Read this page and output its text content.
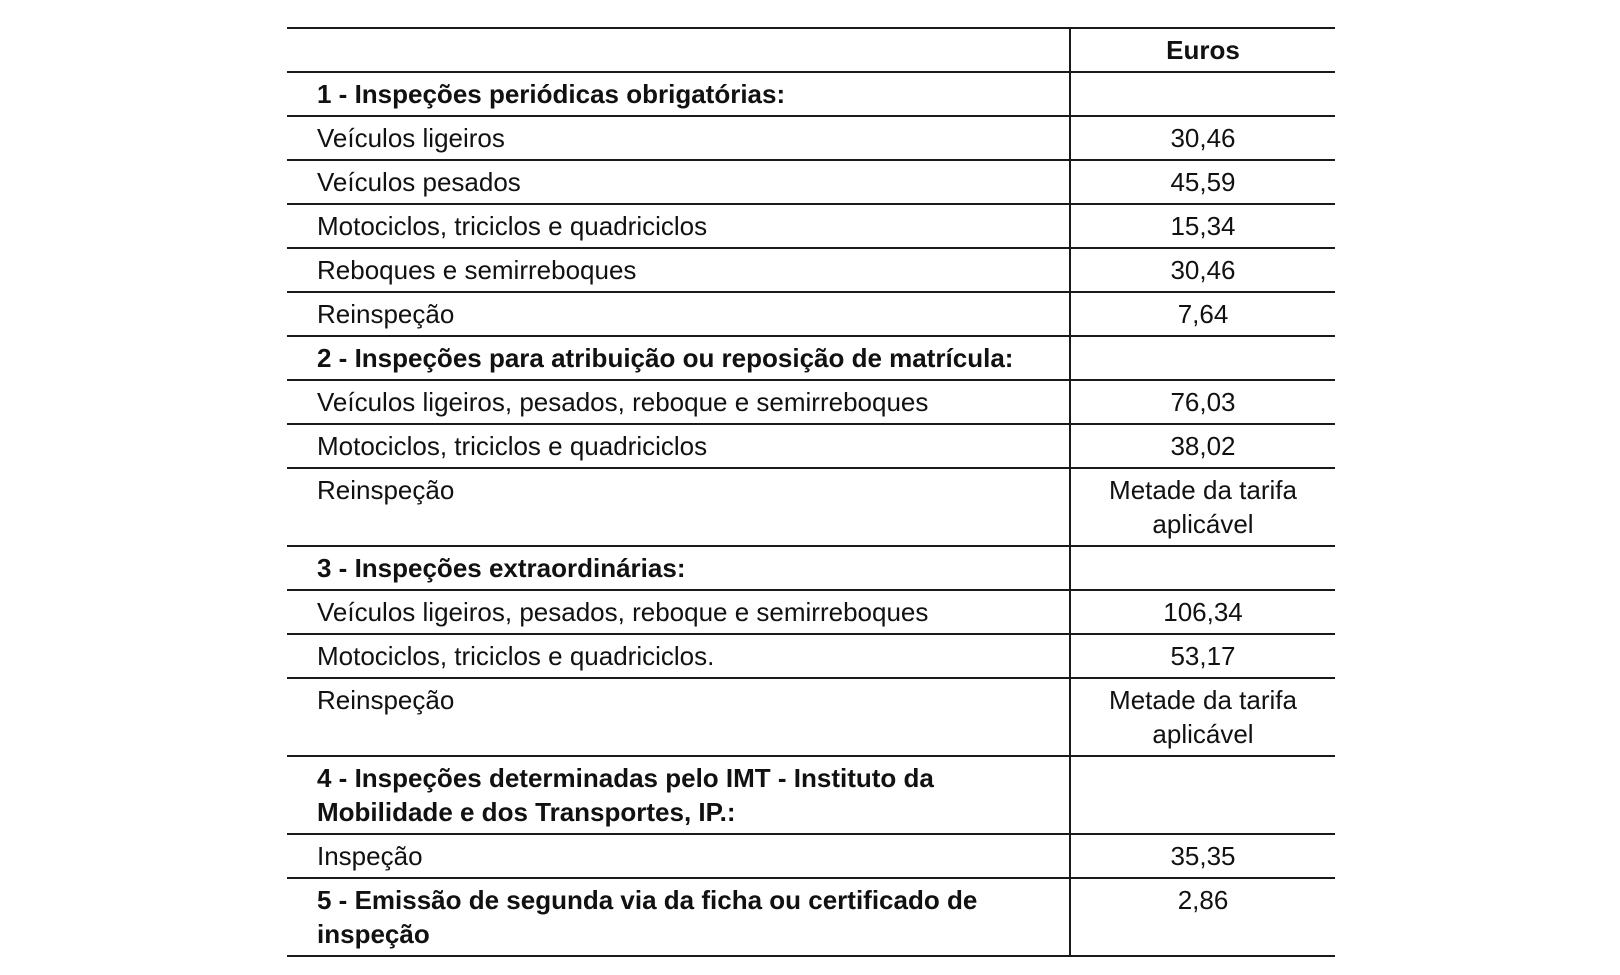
	Euros
1 - Inspeções periódicas obrigatórias:	
Veículos ligeiros	30,46
Veículos pesados	45,59
Motociclos, triciclos e quadriciclos	15,34
Reboques e semirreboques	30,46
Reinspeção	7,64
2 - Inspeções para atribuição ou reposição de matrícula:	
Veículos ligeiros, pesados, reboque e semirreboques	76,03
Motociclos, triciclos e quadriciclos	38,02
Reinspeção	Metade da tarifa aplicável
3 - Inspeções extraordinárias:	
Veículos ligeiros, pesados, reboque e semirreboques	106,34
Motociclos, triciclos e quadriciclos.	53,17
Reinspeção	Metade da tarifa aplicável
4 - Inspeções determinadas pelo IMT - Instituto da Mobilidade e dos Transportes, IP.:	
Inspeção	35,35
5 - Emissão de segunda via da ficha ou certificado de inspeção	2,86
